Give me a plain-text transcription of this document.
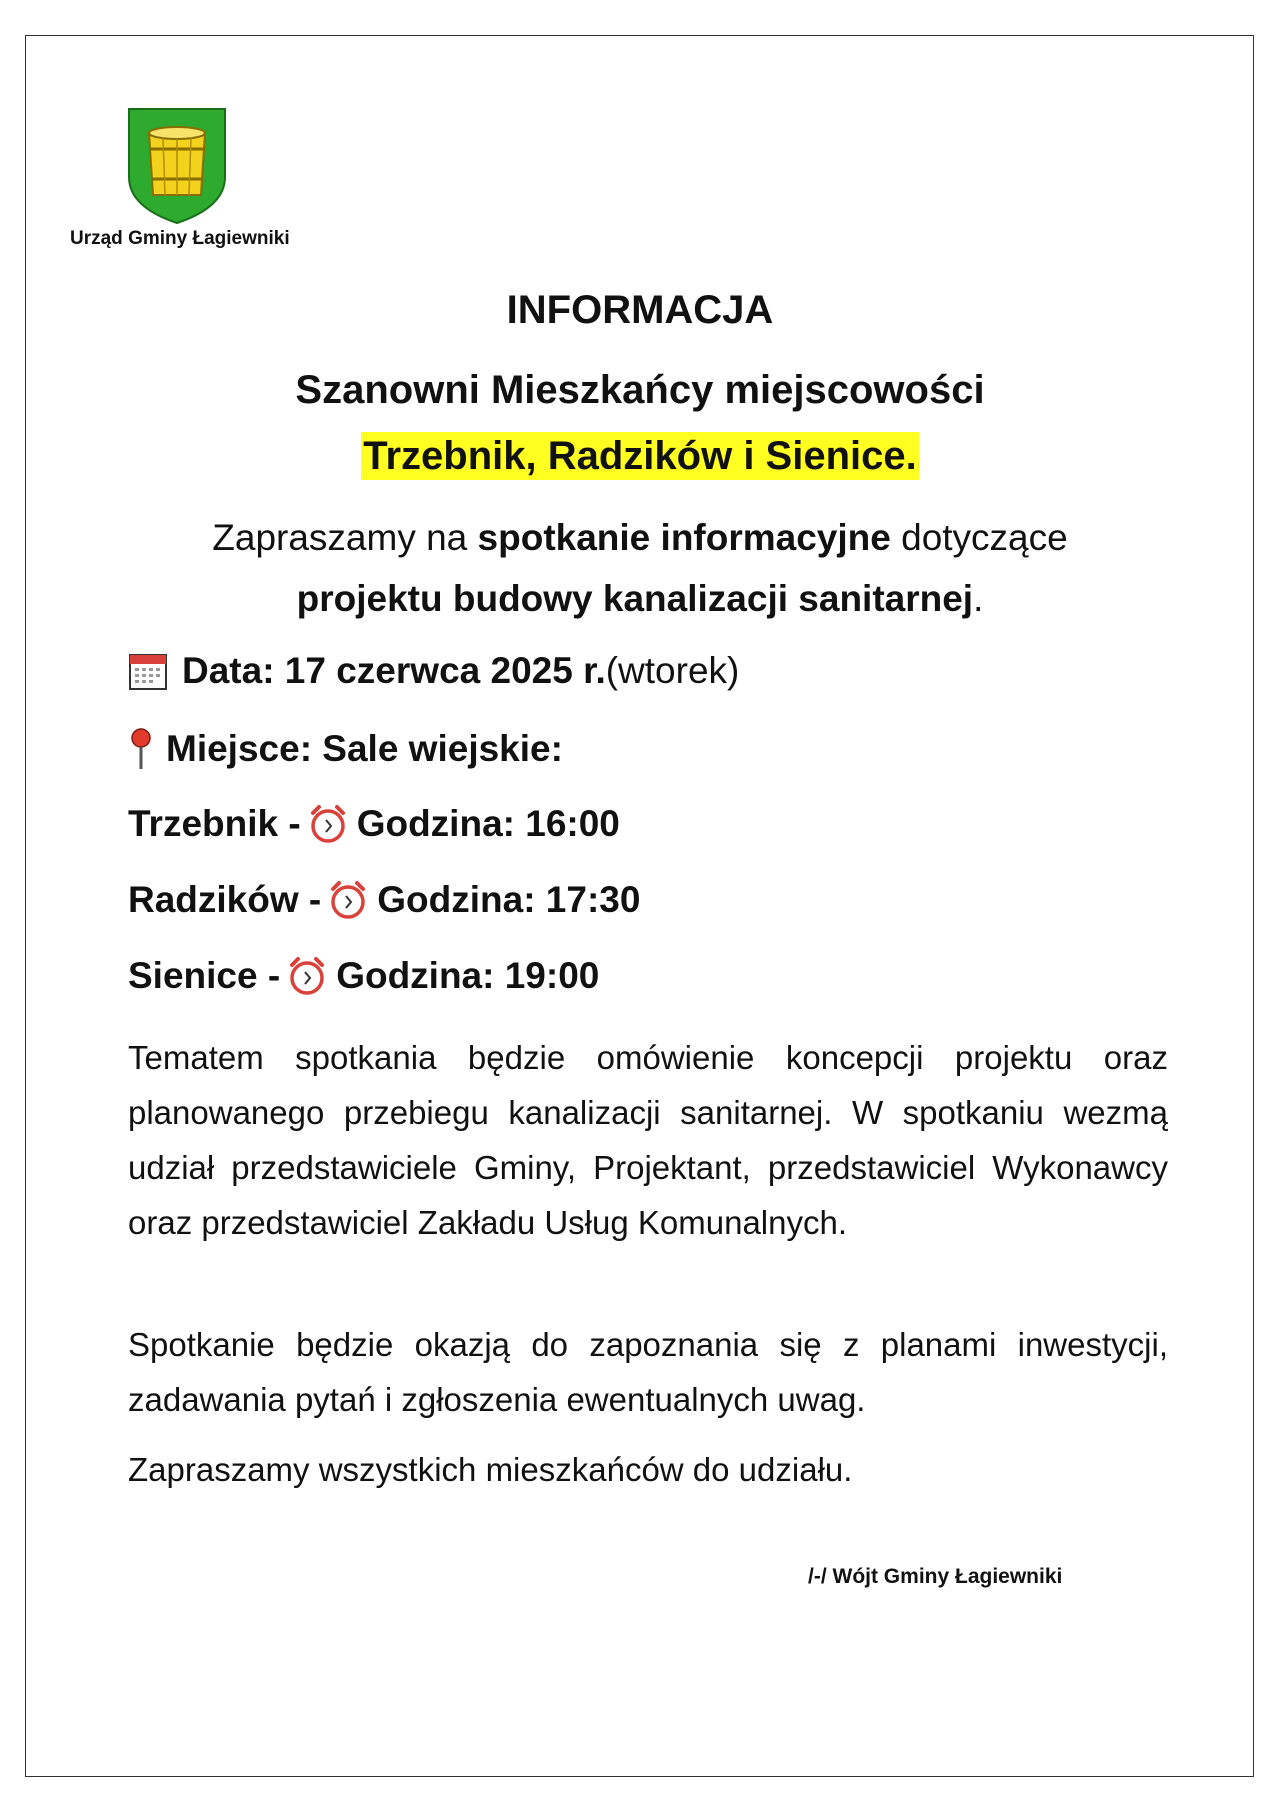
Urząd Gminy Łagiewniki
INFORMACJA
Szanowni Mieszkańcy miejscowości
Trzebnik, Radzików i Sienice.
Zapraszamy na spotkanie informacyjne dotyczące
projektu budowy kanalizacji sanitarnej.
Data: 17 czerwca 2025 r. (wtorek)
Miejsce: Sale wiejskie:
Trzebnik - Godzina: 16:00
Radzików - Godzina: 17:30
Sienice - Godzina: 19:00
Tematem spotkania będzie omówienie koncepcji projektu oraz planowanego przebiegu kanalizacji sanitarnej. W spotkaniu wezmą udział przedstawiciele Gminy, Projektant, przedstawiciel Wykonawcy oraz przedstawiciel Zakładu Usług Komunalnych.
Spotkanie będzie okazją do zapoznania się z planami inwestycji, zadawania pytań i zgłoszenia ewentualnych uwag.
Zapraszamy wszystkich mieszkańców do udziału.
/-/ Wójt Gminy Łagiewniki
